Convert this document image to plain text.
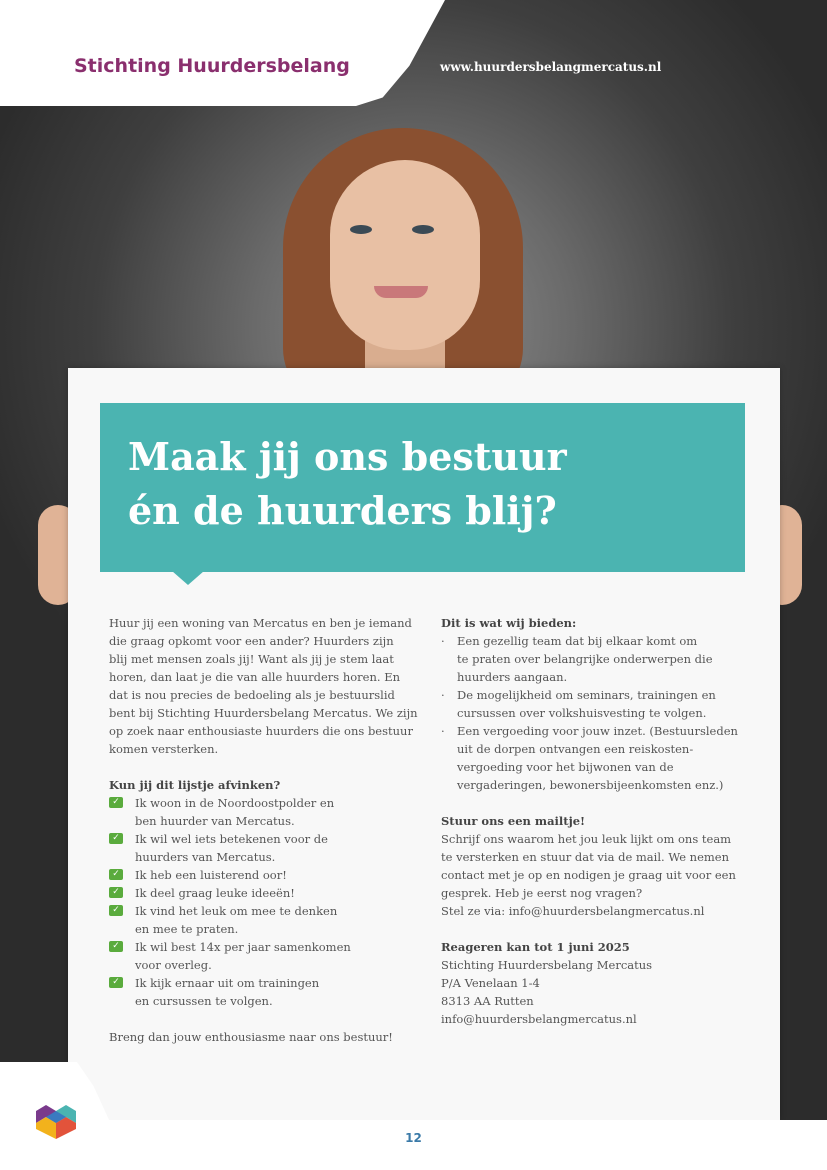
Stichting Huurdersbelang	www.huurdersbelangmercatus.nl
Maak jij ons bestuur
én de huurders blij?
Huur jij een woning van Mercatus en ben je iemand
die graag opkomt voor een ander? Huurders zijn
blij met mensen zoals jij! Want als jij je stem laat
horen, dan laat je die van alle huurders horen. En
dat is nou precies de bedoeling als je bestuurslid
bent bij Stichting Huurdersbelang Mercatus. We zijn
op zoek naar enthousiaste huurders die ons bestuur
komen versterken.

Kun jij dit lijstje afvinken?

✓ Ik woon in de Noordoostpolder en
ben huurder van Mercatus.
✓ Ik wil wel iets betekenen voor de
huurders van Mercatus.
✓ Ik heb een luisterend oor!
✓ Ik deel graag leuke ideeën!
✓ Ik vind het leuk om mee te denken
en mee te praten.
✓ Ik wil best 14x per jaar samenkomen
voor overleg.
✓ Ik kijk ernaar uit om trainingen
en cursussen te volgen.

Breng dan jouw enthousiasme naar ons bestuur!

Dit is wat wij bieden:

·	Een gezellig team dat bij elkaar komt om
te praten over belangrijke onderwerpen die
huurders aangaan.
·	De mogelijkheid om seminars, trainingen en
cursussen over volkshuisvesting te volgen.
·	Een vergoeding voor jouw inzet. (Bestuursleden
uit de dorpen ontvangen een reiskosten-
vergoeding voor het bijwonen van de
vergaderingen, bewonersbijeenkomsten enz.)

Stuur ons een mailtje!

Schrijf ons waarom het jou leuk lijkt om ons team
te versterken en stuur dat via de mail. We nemen
contact met je op en nodigen je graag uit voor een
gesprek. Heb je eerst nog vragen?
Stel ze via: info@huurdersbelangmercatus.nl

Reageren kan tot 1 juni 2025

Stichting Huurdersbelang Mercatus
P/A Venelaan 1-4
8313 AA Rutten
info@huurdersbelangmercatus.nl
12
